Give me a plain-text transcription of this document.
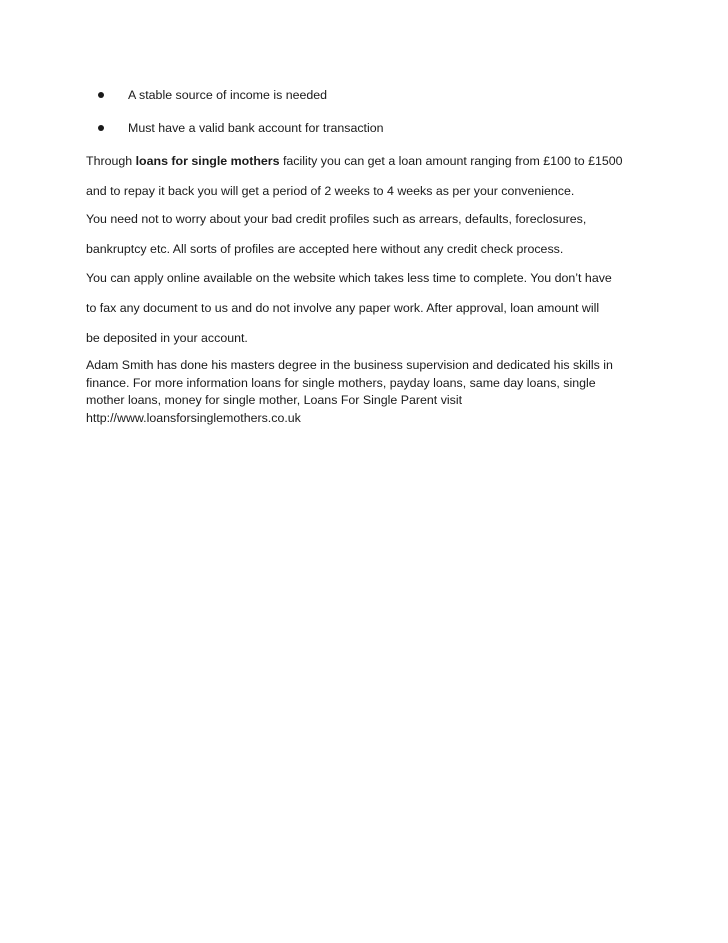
A stable source of income is needed
Must have a valid bank account for transaction

Through loans for single mothers facility you can get a loan amount ranging from £100 to £1500
and to repay it back you will get a period of 2 weeks to 4 weeks as per your convenience.

You need not to worry about your bad credit profiles such as arrears, defaults, foreclosures,
bankruptcy etc. All sorts of profiles are accepted here without any credit check process.

You can apply online available on the website which takes less time to complete. You don’t have
to fax any document to us and do not involve any paper work. After approval, loan amount will
be deposited in your account.

Adam Smith has done his masters degree in the business supervision and dedicated his skills in
finance. For more information loans for single mothers, payday loans, same day loans, single
mother loans, money for single mother, Loans For Single Parent visit
http://www.loansforsinglemothers.co.uk
